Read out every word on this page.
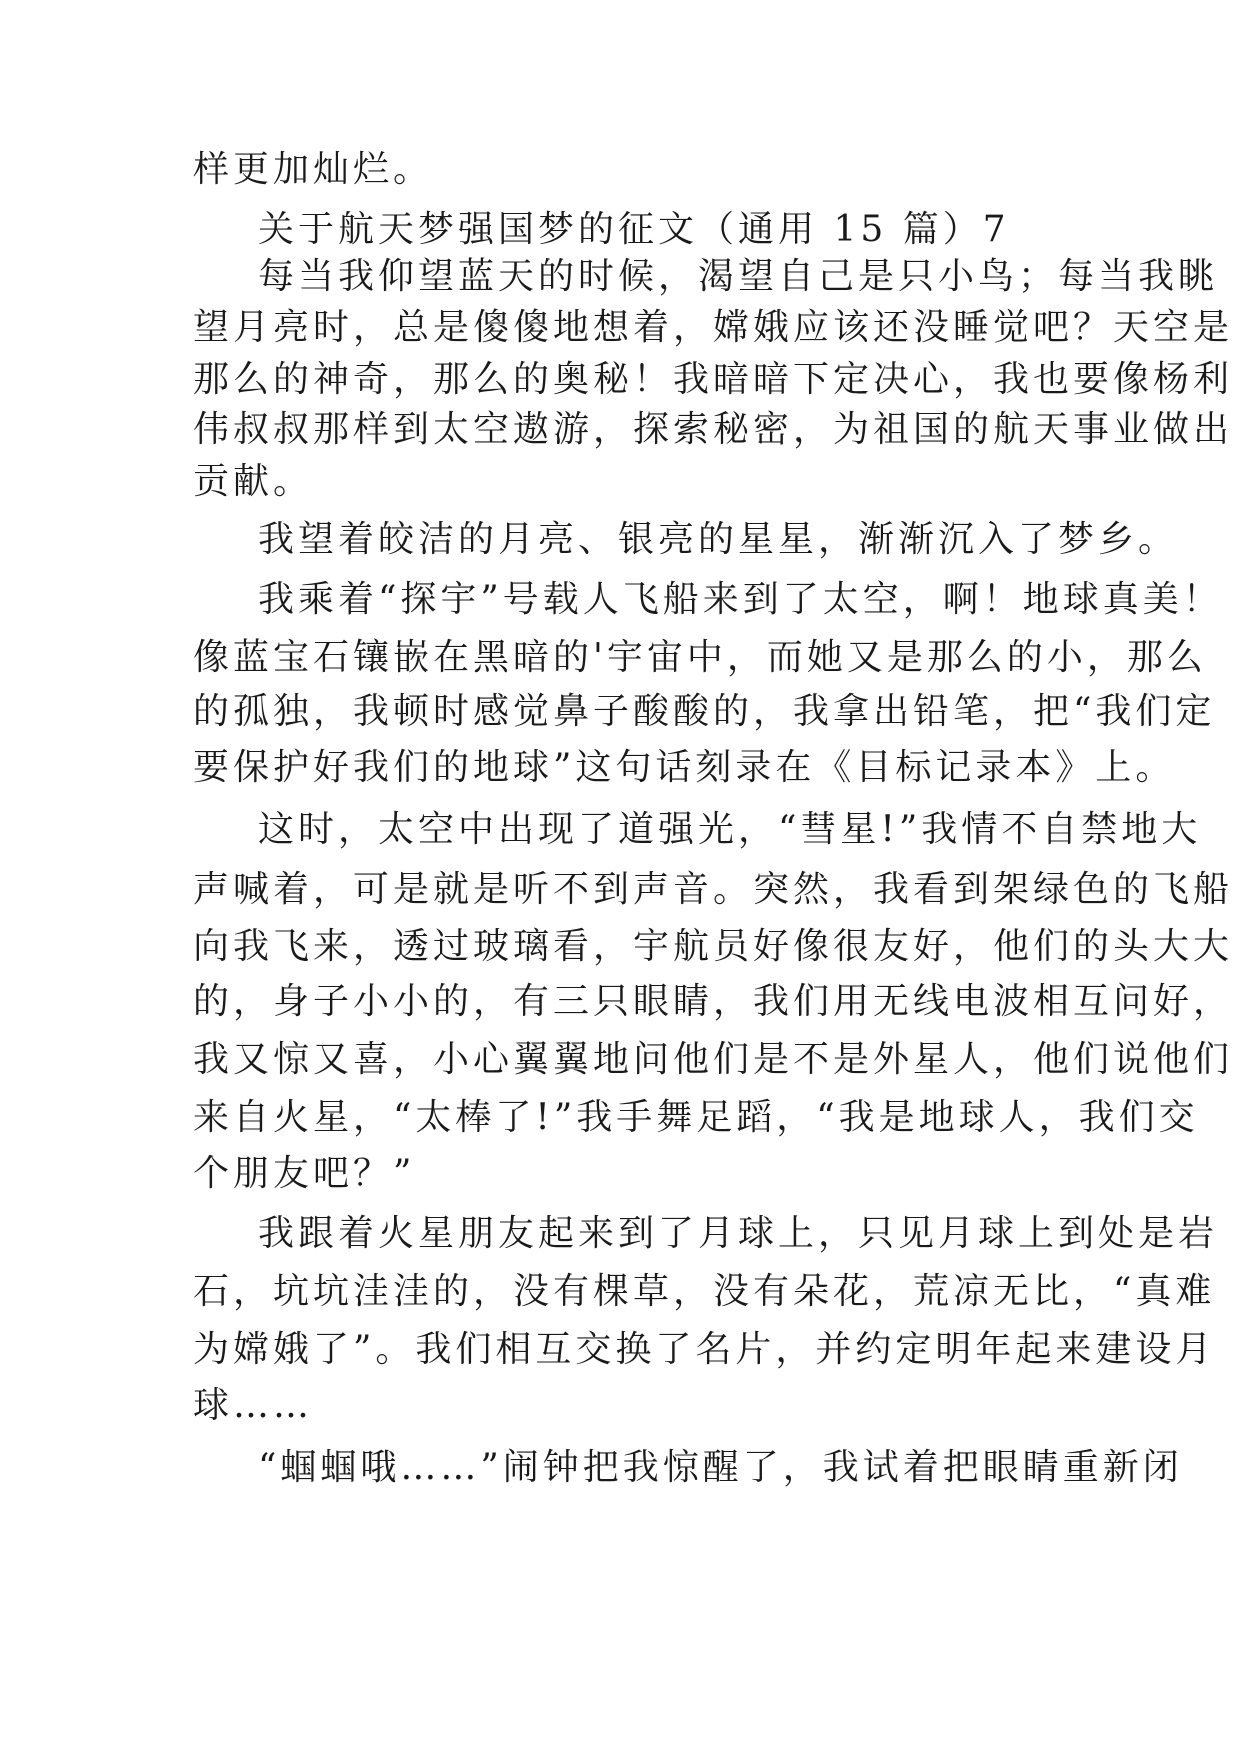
样更加灿烂。
关于航天梦强国梦的征文（通用 15 篇）7
每当我仰望蓝天的时候，渴望自己是只小鸟；每当我眺
望月亮时，总是傻傻地想着，嫦娥应该还没睡觉吧？天空是
那么的神奇，那么的奥秘！我暗暗下定决心，我也要像杨利
伟叔叔那样到太空遨游，探索秘密，为祖国的航天事业做出
贡献。
我望着皎洁的月亮、银亮的星星，渐渐沉入了梦乡。
我乘着“探宇”号载人飞船来到了太空，啊！地球真美！
像蓝宝石镶嵌在黑暗的'宇宙中，而她又是那么的小，那么
的孤独，我顿时感觉鼻子酸酸的，我拿出铅笔，把“我们定
要保护好我们的地球”这句话刻录在《目标记录本》上。
这时，太空中出现了道强光，“彗星!”我情不自禁地大
声喊着，可是就是听不到声音。突然，我看到架绿色的飞船
向我飞来，透过玻璃看，宇航员好像很友好，他们的头大大
的，身子小小的，有三只眼睛，我们用无线电波相互问好，
我又惊又喜，小心翼翼地问他们是不是外星人，他们说他们
来自火星，“太棒了!”我手舞足蹈，“我是地球人，我们交
个朋友吧？”
我跟着火星朋友起来到了月球上，只见月球上到处是岩
石，坑坑洼洼的，没有棵草，没有朵花，荒凉无比，“真难
为嫦娥了”。我们相互交换了名片，并约定明年起来建设月
球……
“蝈蝈哦……”闹钟把我惊醒了，我试着把眼睛重新闭
